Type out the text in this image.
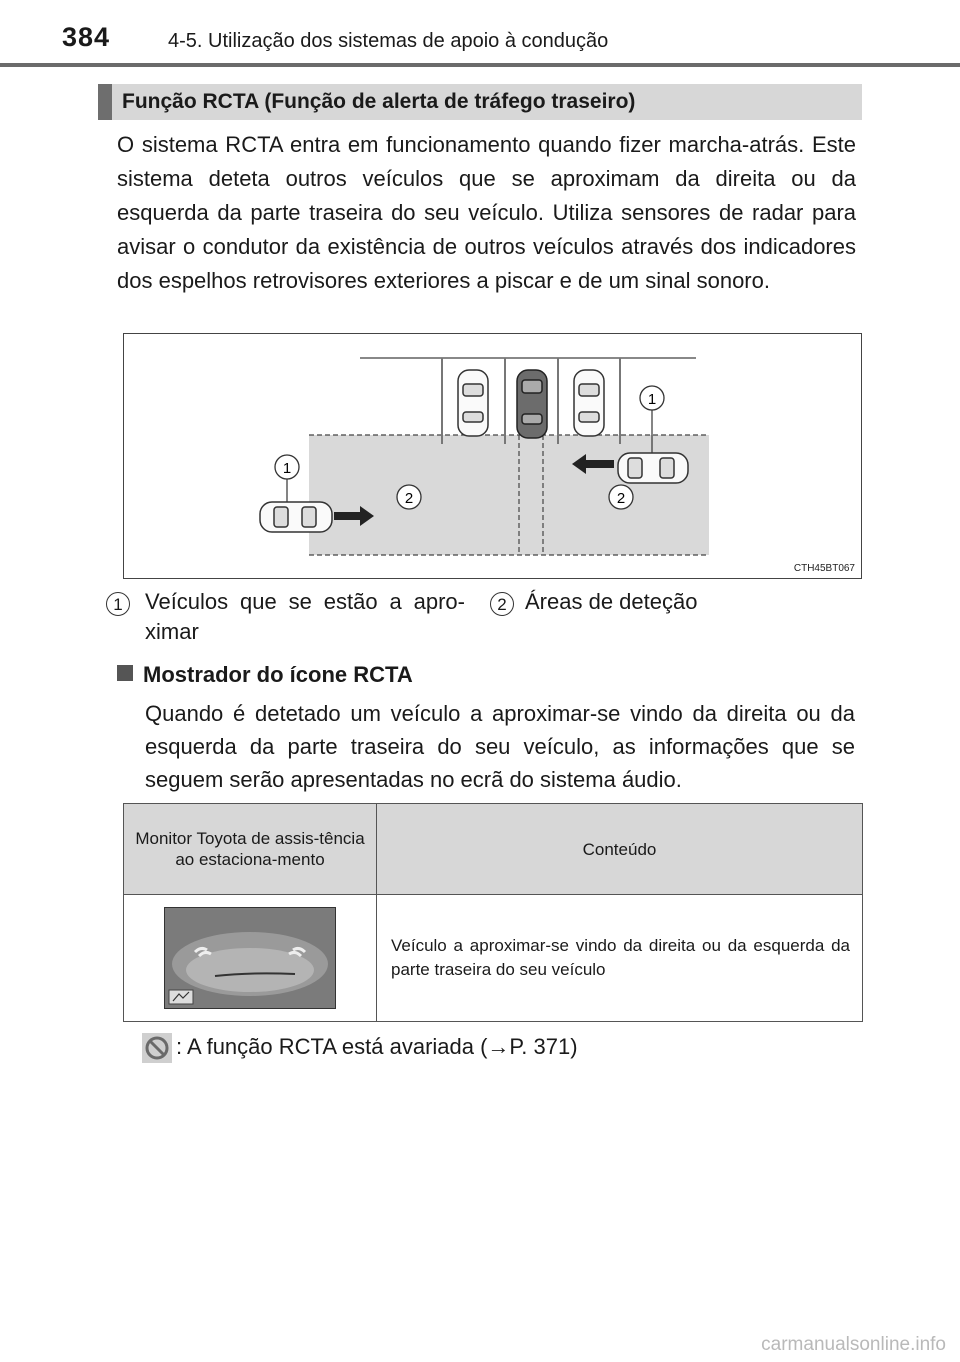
384	4-5. Utilização dos sistemas de apoio à condução
Função RCTA (Função de alerta de tráfego traseiro)

O sistema RCTA entra em funcionamento quando fizer marcha-atrás. Este sistema deteta outros veículos que se aproximam da direita ou da esquerda da parte traseira do seu veículo. Utiliza sensores de radar para avisar o condutor da existência de outros veículos através dos indicadores dos espelhos retrovisores exteriores a piscar e de um sinal sonoro.

1
1
2	2
CTH45BT067
1	Veículos que se estão a apro-ximar
2 Áreas de deteção
Mostrador do ícone RCTA

Quando é detetado um veículo a aproximar-se vindo da direita ou da esquerda da parte traseira do seu veículo, as informações que se seguem serão apresentadas no ecrã do sistema áudio.

Monitor Toyota de assis-tência ao estaciona-mento	Conteúdo

	Veículo a aproximar-se vindo da direita ou da esquerda da parte traseira do seu veículo
: A função RCTA está avariada (→P. 371)
carmanualsonline.info
